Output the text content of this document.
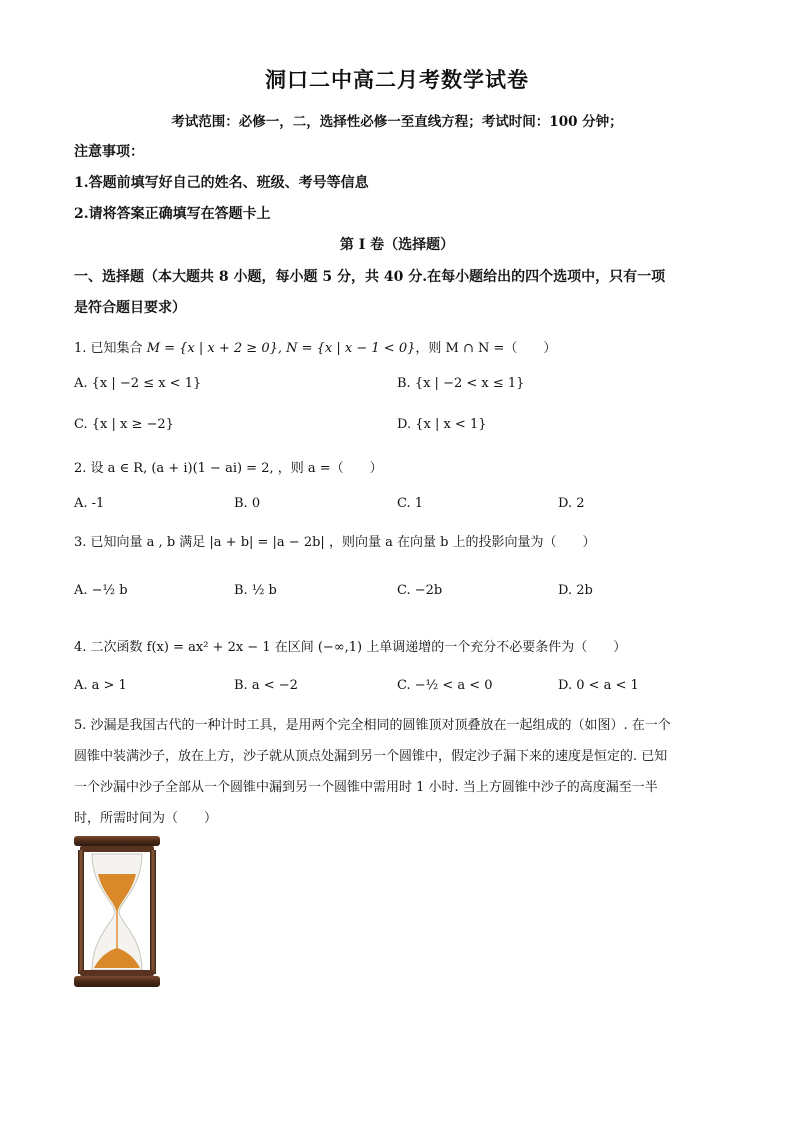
洞口二中高二月考数学试卷
考试范围：必修一，二，选择性必修一至直线方程；考试时间：100 分钟；
注意事项：
1.答题前填写好自己的姓名、班级、考号等信息
2.请将答案正确填写在答题卡上
第 I 卷（选择题）
一、选择题（本大题共 8 小题，每小题 5 分，共 40 分.在每小题给出的四个选项中，只有一项
是符合题目要求）
1. 已知集合 M = {x | x + 2 ≥ 0}, N = {x | x − 1 < 0}，则 M ∩ N =（　　）
A. {x | −2 ≤ x < 1}	B. {x | −2 < x ≤ 1}
C. {x | x ≥ −2}	D. {x | x < 1}
2. 设 a ∈ R, (a + i)(1 − ai) = 2, ，则 a =（　　）
A. -1	B. 0	C. 1	D. 2
3. 已知向量 a , b 满足 |a + b| = |a − 2b| ，则向量 a 在向量 b 上的投影向量为（　　）
A. −½ b	B. ½ b	C. −2b	D. 2b
4. 二次函数 f(x) = ax² + 2x − 1 在区间 (−∞,1) 上单调递增的一个充分不必要条件为（　　）
A. a > 1	B. a < −2	C. −½ < a < 0	D. 0 < a < 1
5. 沙漏是我国古代的一种计时工具，是用两个完全相同的圆锥顶对顶叠放在一起组成的（如图）. 在一个
圆锥中装满沙子，放在上方，沙子就从顶点处漏到另一个圆锥中，假定沙子漏下来的速度是恒定的. 已知
一个沙漏中沙子全部从一个圆锥中漏到另一个圆锥中需用时 1 小时. 当上方圆锥中沙子的高度漏至一半
时，所需时间为（　　）
